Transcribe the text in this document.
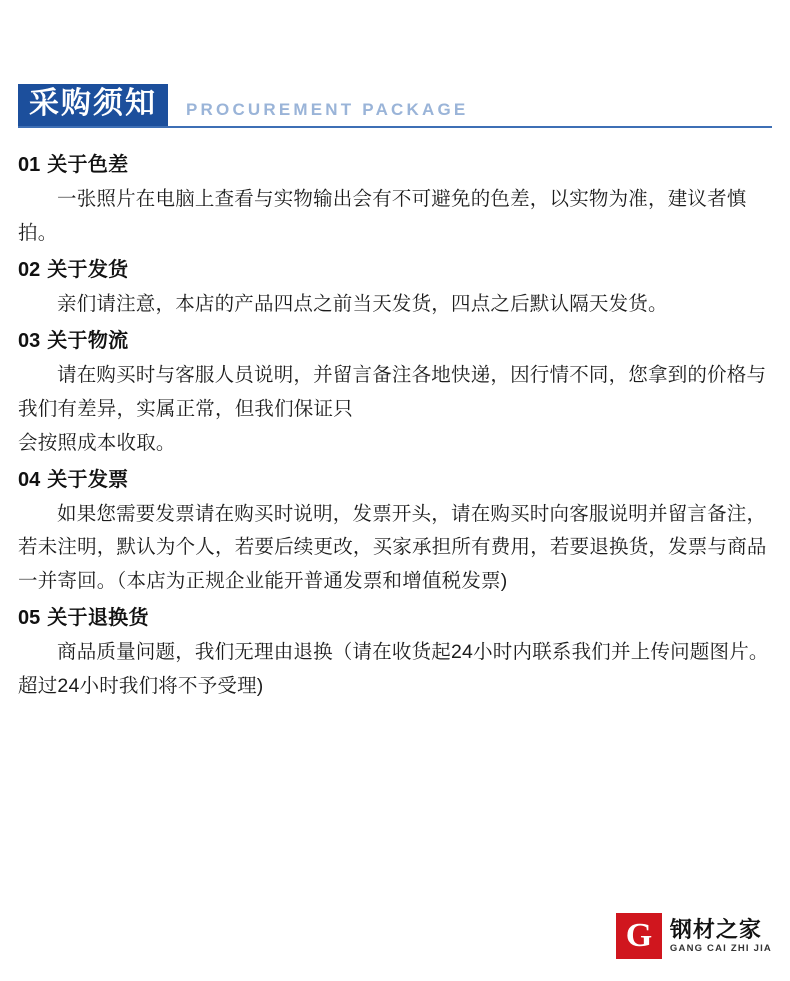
采购须知	PROCUREMENT PACKAGE
01 关于色差

一张照片在电脑上查看与实物输出会有不可避免的色差，以实物为准，建议者慎拍。

02 关于发货

亲们请注意，本店的产品四点之前当天发货，四点之后默认隔天发货。

03 关于物流

请在购买时与客服人员说明，并留言备注各地快递，因行情不同，您拿到的价格与我们有差异，实属正常，但我们保证只

会按照成本收取。

04 关于发票

如果您需要发票请在购买时说明，发票开头，请在购买时向客服说明并留言备注，若未注明，默认为个人，若要后续更改，买家承担所有费用，若要退换货，发票与商品一并寄回。（本店为正规企业能开普通发票和增值税发票)

05 关于退换货

商品质量问题，我们无理由退换（请在收货起24小时内联系我们并上传问题图片。超过24小时我们将不予受理)

G 钢材之家
GANG CAI ZHI JIA
